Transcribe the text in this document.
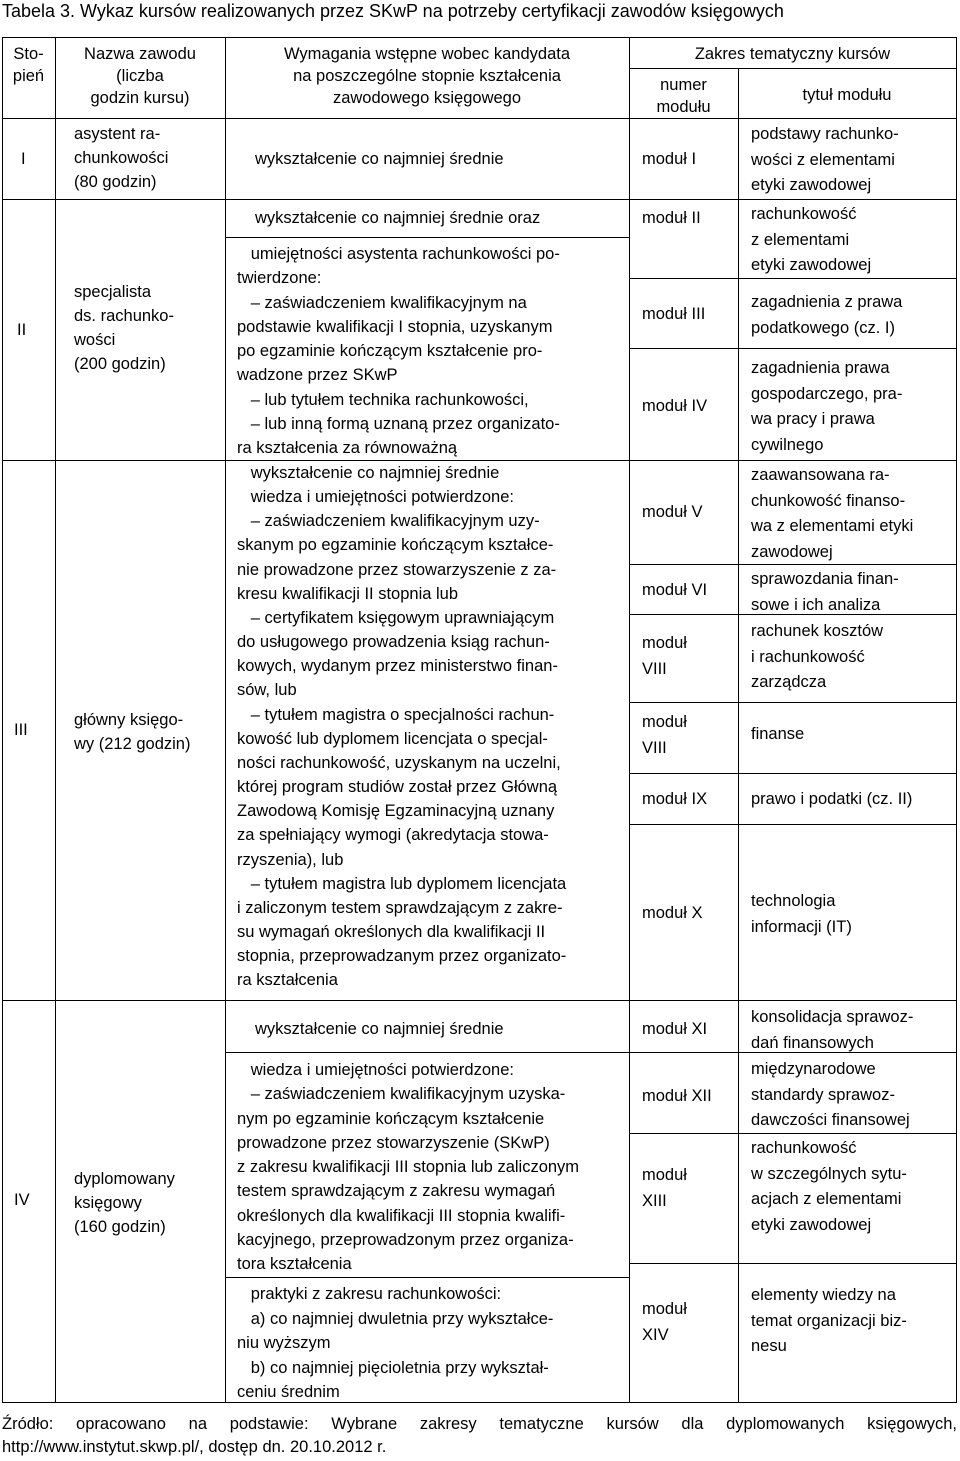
Tabela 3. Wykaz kursów realizowanych przez SKwP na potrzeby certyfikacji zawodów księgowych
Sto-
pień
Nazwa zawodu
(liczba
godzin kursu)
Wymagania wstępne wobec kandydata
na poszczególne stopnie kształcenia
zawodowego księgowego
Zakres tematyczny kursów
numer
modułu
tytuł modułu
I
II
III
IV
asystent ra-
chunkowości
(80 godzin)
specjalista
ds. rachunko-
wości
(200 godzin)
główny księgo-
wy (212 godzin)
dyplomowany
księgowy
(160 godzin)
wykształcenie co najmniej średnie
wykształcenie co najmniej średnie oraz
umiejętności asystenta rachunkowości po-
twierdzone:
– zaświadczeniem kwalifikacyjnym na
podstawie kwalifikacji I stopnia, uzyskanym
po egzaminie kończącym kształcenie pro-
wadzone przez SKwP
– lub tytułem technika rachunkowości,
– lub inną formą uznaną przez organizato-
ra kształcenia za równoważną
wykształcenie co najmniej średnie
wiedza i umiejętności potwierdzone:
– zaświadczeniem kwalifikacyjnym uzy-
skanym po egzaminie kończącym kształce-
nie prowadzone przez stowarzyszenie z za-
kresu kwalifikacji II stopnia lub
– certyfikatem księgowym uprawniającym
do usługowego prowadzenia ksiąg rachun-
kowych, wydanym przez ministerstwo finan-
sów, lub
– tytułem magistra o specjalności rachun-
kowość lub dyplomem licencjata o specjal-
ności rachunkowość, uzyskanym na uczelni,
której program studiów został przez Główną
Zawodową Komisję Egzaminacyjną uznany
za spełniający wymogi (akredytacja stowa-
rzyszenia), lub
– tytułem magistra lub dyplomem licencjata
i zaliczonym testem sprawdzającym z zakre-
su wymagań określonych dla kwalifikacji II
stopnia, przeprowadzanym przez organizato-
ra kształcenia
wykształcenie co najmniej średnie
wiedza i umiejętności potwierdzone:
– zaświadczeniem kwalifikacyjnym uzyska-
nym po egzaminie kończącym kształcenie
prowadzone przez stowarzyszenie (SKwP)
z zakresu kwalifikacji III stopnia lub zaliczonym
testem sprawdzającym z zakresu wymagań
określonych dla kwalifikacji III stopnia kwalifi-
kacyjnego, przeprowadzonym przez organiza-
tora kształcenia
praktyki z zakresu rachunkowości:
a) co najmniej dwuletnia przy wykształce-
niu wyższym
b) co najmniej pięcioletnia przy wykształ-
ceniu średnim
moduł I
moduł II
moduł III
moduł IV
moduł V
moduł VI
moduł
VIII
moduł
VIII
moduł IX
moduł X
moduł XI
moduł XII
moduł
XIII
moduł
XIV
podstawy rachunko-
wości z elementami
etyki zawodowej
rachunkowość
z elementami
etyki zawodowej
zagadnienia z prawa
podatkowego (cz. I)
zagadnienia prawa
gospodarczego, pra-
wa pracy i prawa
cywilnego
zaawansowana ra-
chunkowość finanso-
wa z elementami etyki
zawodowej
sprawozdania finan-
sowe i ich analiza
rachunek kosztów
i rachunkowość
zarządcza
finanse
prawo i podatki (cz. II)
technologia
informacji (IT)
konsolidacja sprawoz-
dań finansowych
międzynarodowe
standardy sprawoz-
dawczości finansowej
rachunkowość
w szczególnych sytu-
acjach z elementami
etyki zawodowej
elementy wiedzy na
temat organizacji biz-
nesu
Źródło: opracowano na podstawie: Wybrane zakresy tematyczne kursów dla dyplomowanych księgowych,
http://www.instytut.skwp.pl/, dostęp dn. 20.10.2012 r.
